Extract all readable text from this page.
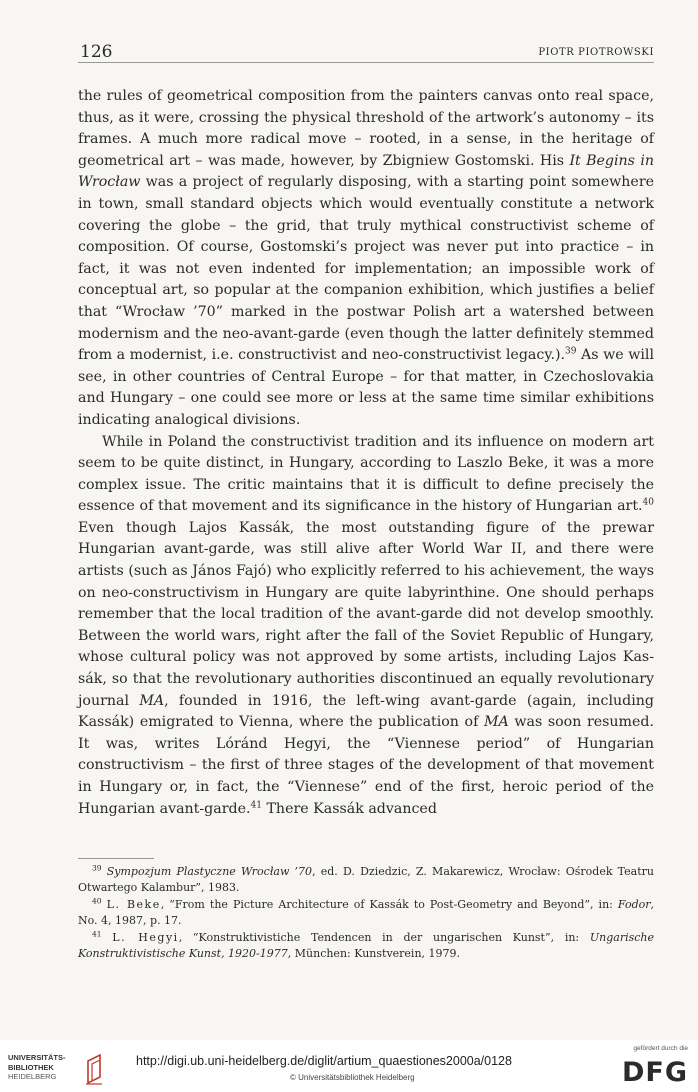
126	PIOTR PIOTROWSKI

the rules of geometrical composition from the painters canvas onto real space, thus, as it were, crossing the physical threshold of the artwork’s autonomy – its frames. A much more radical move – rooted, in a sense, in the heritage of geometrical art – was made, however, by Zbigniew Gostomski. His It Begins in Wrocław was a project of regularly disposing, with a starting point somewhere in town, small standard objects which would eventually constitute a network covering the globe – the grid, that truly mythical constructivist scheme of composition. Of course, Gostomski’s project was never put into practice – in fact, it was not even indented for implementation; an impossible work of conceptual art, so popular at the companion exhibition, which justifies a belief that “Wrocław ’70” marked in the postwar Polish art a watershed between modernism and the neo-avant-garde (even though the latter definitely stemmed from a modernist, i.e. constructivist and neo-constructivist legacy.).$^{39}$ As we will see, in other countries of Central Europe – for that matter, in Czechoslovakia and Hungary – one could see more or less at the same time similar exhibitions indicating analogical divisions.

While in Poland the constructivist tradition and its influence on modern art seem to be quite distinct, in Hungary, according to Laszlo Beke, it was a more complex issue. The critic maintains that it is difficult to define precisely the essence of that movement and its significance in the history of Hungarian art.$^{40}$ Even though Lajos Kassák, the most outstanding figure of the prewar Hungarian avant-garde, was still alive after World War II, and there were artists (such as János Fajó) who explicitly referred to his achievement, the ways on neo-constructivism in Hungary are quite labyrinthine. One should perhaps remember that the local tradition of the avant-garde did not develop smoothly. Between the world wars, right after the fall of the Soviet Republic of Hungary, whose cultural policy was not approved by some artists, including Lajos Kassák, so that the revolutionary authorities discontinued an equally revolutionary journal MA, founded in 1916, the left-wing avant-garde (again, including Kassák) emigrated to Vienna, where the publication of MA was soon resumed. It was, writes Lóránd Hegyi, the “Viennese period” of Hungarian constructivism – the first of three stages of the development of that movement in Hungary or, in fact, the “Viennese” end of the first, heroic period of the Hungarian avant-garde.$^{41}$ There Kassák advanced

$^{39}$ Sympozjum Plastyczne Wrocław ’70, ed. D. Dziedzic, Z. Makarewicz, Wrocław: Ośrodek Teatru Otwartego Kalambur”, 1983.

$^{40}$ L. Beke, “From the Picture Architecture of Kassák to Post-Geometry and Beyond”, in: Fodor, No. 4, 1987, p. 17.

$^{41}$ L. Hegyi, “Konstruktivistiche Tendencen in der ungarischen Kunst”, in: Ungarische Konstruktivistische Kunst, 1920-1977, München: Kunstverein, 1979.

UNIVERSITÄTS-
BIBLIOTHEK
HEIDELBERG
http://digi.ub.uni-heidelberg.de/diglit/artium_quaestiones2000a/0128
© Universitätsbibliothek Heidelberg
gefördert durch die
DFG
